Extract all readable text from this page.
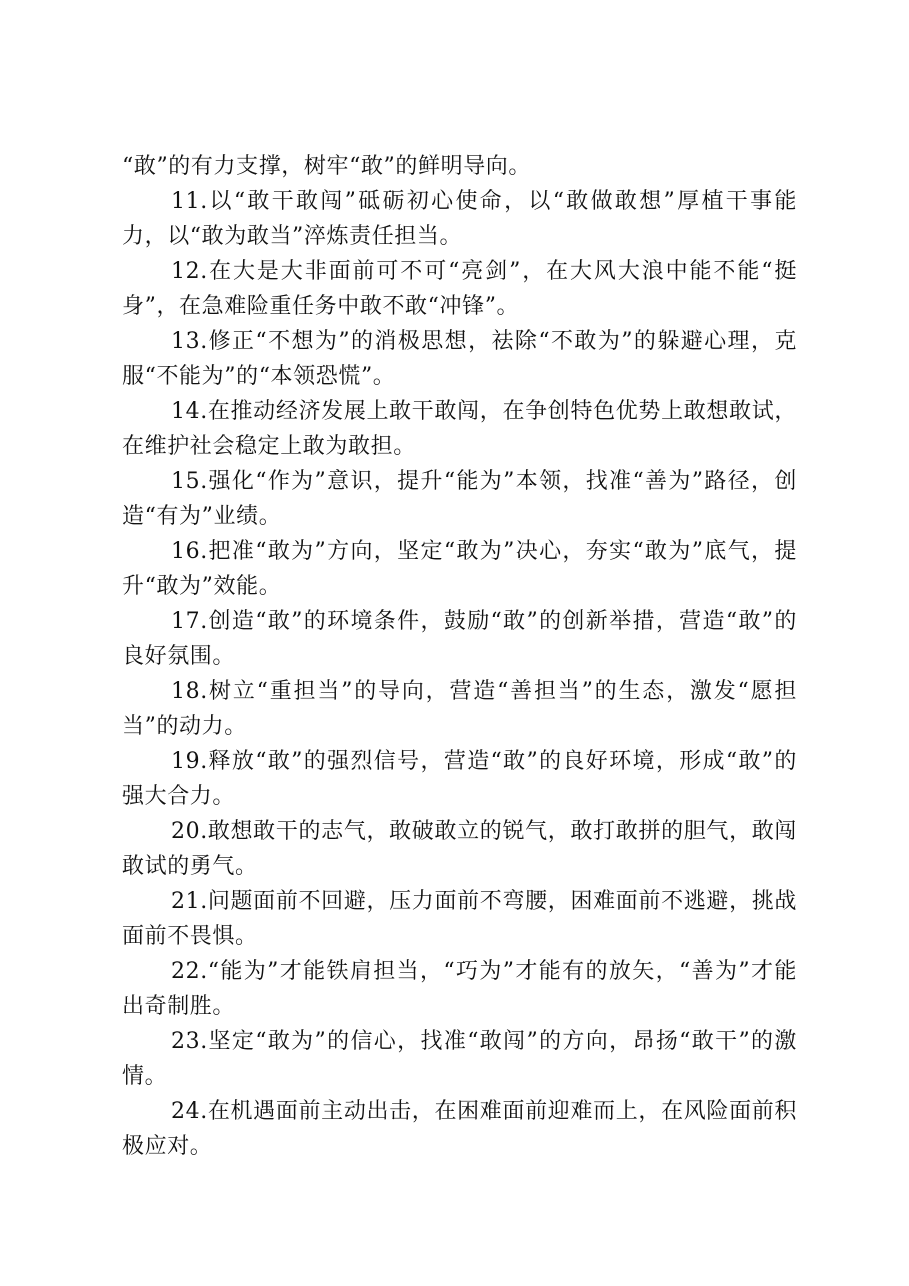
“敢”的有力支撑，树牢“敢”的鲜明导向。

11.以“敢干敢闯”砥砺初心使命，以“敢做敢想”厚植干事能力，以“敢为敢当”淬炼责任担当。

12.在大是大非面前可不可“亮剑”，在大风大浪中能不能“挺身”，在急难险重任务中敢不敢“冲锋”。

13.修正“不想为”的消极思想，祛除“不敢为”的躲避心理，克服“不能为”的“本领恐慌”。

14.在推动经济发展上敢干敢闯，在争创特色优势上敢想敢试，在维护社会稳定上敢为敢担。

15.强化“作为”意识，提升“能为”本领，找准“善为”路径，创造“有为”业绩。

16.把准“敢为”方向，坚定“敢为”决心，夯实“敢为”底气，提升“敢为”效能。

17.创造“敢”的环境条件，鼓励“敢”的创新举措，营造“敢”的良好氛围。

18.树立“重担当”的导向，营造“善担当”的生态，激发“愿担当”的动力。

19.释放“敢”的强烈信号，营造“敢”的良好环境，形成“敢”的强大合力。

20.敢想敢干的志气，敢破敢立的锐气，敢打敢拼的胆气，敢闯敢试的勇气。

21.问题面前不回避，压力面前不弯腰，困难面前不逃避，挑战面前不畏惧。

22.“能为”才能铁肩担当，“巧为”才能有的放矢，“善为”才能出奇制胜。

23.坚定“敢为”的信心，找准“敢闯”的方向，昂扬“敢干”的激情。

24.在机遇面前主动出击，在困难面前迎难而上，在风险面前积极应对。
